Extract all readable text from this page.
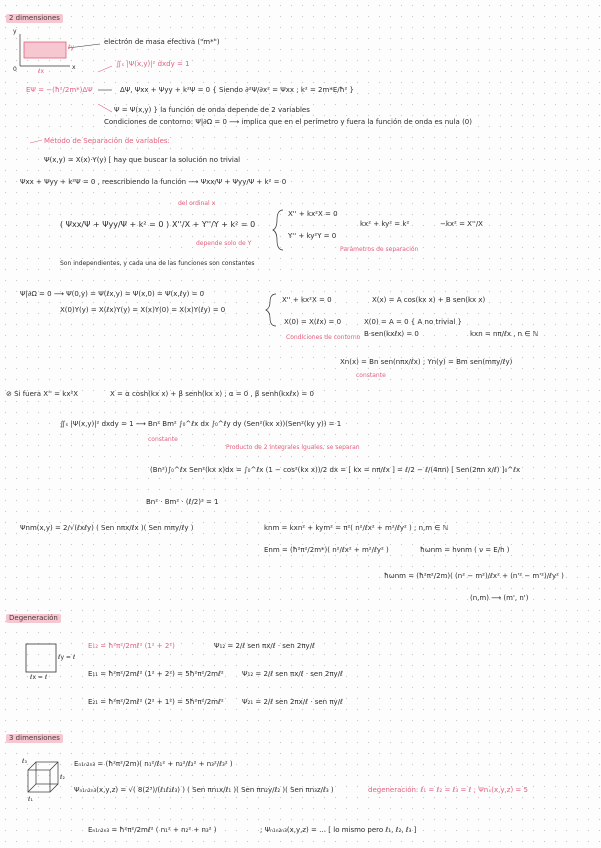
2 dimensiones
y
x
ℓy
ℓx
0
electrón de masa efectiva ("m*")
∬ₛ |Ψ(x,y)|² dxdy = 1
EΨ = −(ħ²/2m*)ΔΨ	ΔΨ, Ψxx + Ψyy + k²Ψ = 0 { Siendo ∂²Ψ/∂x² = Ψxx ; k² = 2m*E/ħ² }
Ψ = Ψ(x,y) } la función de onda depende de 2 variables
Condiciones de contorno: Ψ|∂Ω = 0 ⟶ implica que en el perímetro y fuera la función de onda es nula (0)
Método de Separación de variables:
Ψ(x,y) = X(x)·Y(y) [ hay que buscar la solución no trivial
Ψxx + Ψyy + k²Ψ = 0 , reescribiendo la función ⟶ Ψxx/Ψ + Ψyy/Ψ + k² = 0
del ordinal x
( Ψxx/Ψ + Ψyy/Ψ + k² = 0 ) X''/X + Y''/Y + k² = 0
depende solo de Y
Son independientes, y cada una de las funciones son constantes
X'' + kx²X = 0
Y'' + ky²Y = 0
kx² + ky² = k²
Parámetros de separación
−kx² = X''/X
Ψ|∂Ω = 0 ⟶ Ψ(0,y) = Ψ(ℓx,y) = Ψ(x,0) = Ψ(x,ℓy) = 0
X(0)Y(y) = X(ℓx)Y(y) = X(x)Y(0) = X(x)Y(ℓy) = 0
X'' + kx²X = 0	X(x) = A cos(kx x) + B sen(kx x)
X(0) = X(ℓx) = 0	X(0) = A = 0 { A no trivial }
B·sen(kxℓx) = 0	kxn = nπ/ℓx , n ∈ ℕ
Condiciones de contorno
Xn(x) = Bn sen(nπx/ℓx) ; Yn(y) = Bm sen(mπy/ℓy)
constante
⊘ Si fuera X'' = kx²X	X = α cosh(kx x) + β senh(kx x) ; α = 0 , β senh(kxℓx) = 0
∬ₛ |Ψ(x,y)|² dxdy = 1 ⟶ Bn² Bm² ∫₀^ℓx dx ∫₀^ℓy dy (Sen²(kx x))(Sen²(ky y)) = 1
constante
Producto de 2 integrales iguales, se separan
(Bn²)∫₀^ℓx Sen²(kx x)dx = ∫₀^ℓx (1 − cos²(kx x))/2 dx = [ kx = nπ/ℓx ] = ℓ/2 − ℓ/(4πn) [ Sen(2πn x/ℓ) ]₀^ℓx
Bn² · Bm² · (ℓ/2)² = 1
Ψnm(x,y) = 2/√(ℓxℓy) ( Sen nπx/ℓx )( Sen mπy/ℓy )	knm = kxn² + kym² = π²( n²/ℓx² + m²/ℓy² ) ; n,m ∈ ℕ
Enm = (ħ²π²/2m*)( n²/ℓx² + m²/ℓy² )	ħωnm = hνnm ( ν = E/h )
ħωnm = (ħ²π²/2m)( (n² − m²)/ℓx² + (n'² − m'²)/ℓy² )
(n,m) ⟶ (m', n')
Degeneración
ℓy = ℓ
ℓx = ℓ
E₁₂ = ħ²π²/2mℓ² (1² + 2²)	Ψ₁₂ = 2/ℓ sen πx/ℓ · sen 2πy/ℓ
E₁₁ = ħ²π²/2mℓ² (1² + 2²) = 5ħ²π²/2mℓ²	Ψ₁₂ = 2/ℓ sen πx/ℓ · sen 2πy/ℓ
E₂₁ = ħ²π²/2mℓ² (2² + 1²) = 5ħ²π²/2mℓ²	Ψ₂₁ = 2/ℓ sen 2πx/ℓ · sen πy/ℓ
3 dimensiones
Eₙ₁ₙ₂ₙ₃ = (ħ²π²/2m)( n₁²/ℓ₁² + n₂²/ℓ₂² + n₃²/ℓ₃² )
Ψₙ₁ₙ₂ₙ₃(x,y,z) = √( 8(2³)/(ℓ₁ℓ₂ℓ₃) ) ( Sen πn₁x/ℓ₁ )( Sen πn₂y/ℓ₂ )( Sen πn₃z/ℓ₃ )	degeneración: ℓ₁ = ℓ₂ = ℓ₃ = ℓ ; Ψnₓ(x,y,z) = 5
Eₙ₁ₙ₂ₙ₃ = ħ²π²/2mℓ² ( n₁² + n₂² + n₃² )	; Ψₙ₁ₙ₂ₙ₃(x,y,z) = … [ lo mismo pero ℓ₁, ℓ₂, ℓ₃ ]
ℓ₁
ℓ₂
ℓ₃
